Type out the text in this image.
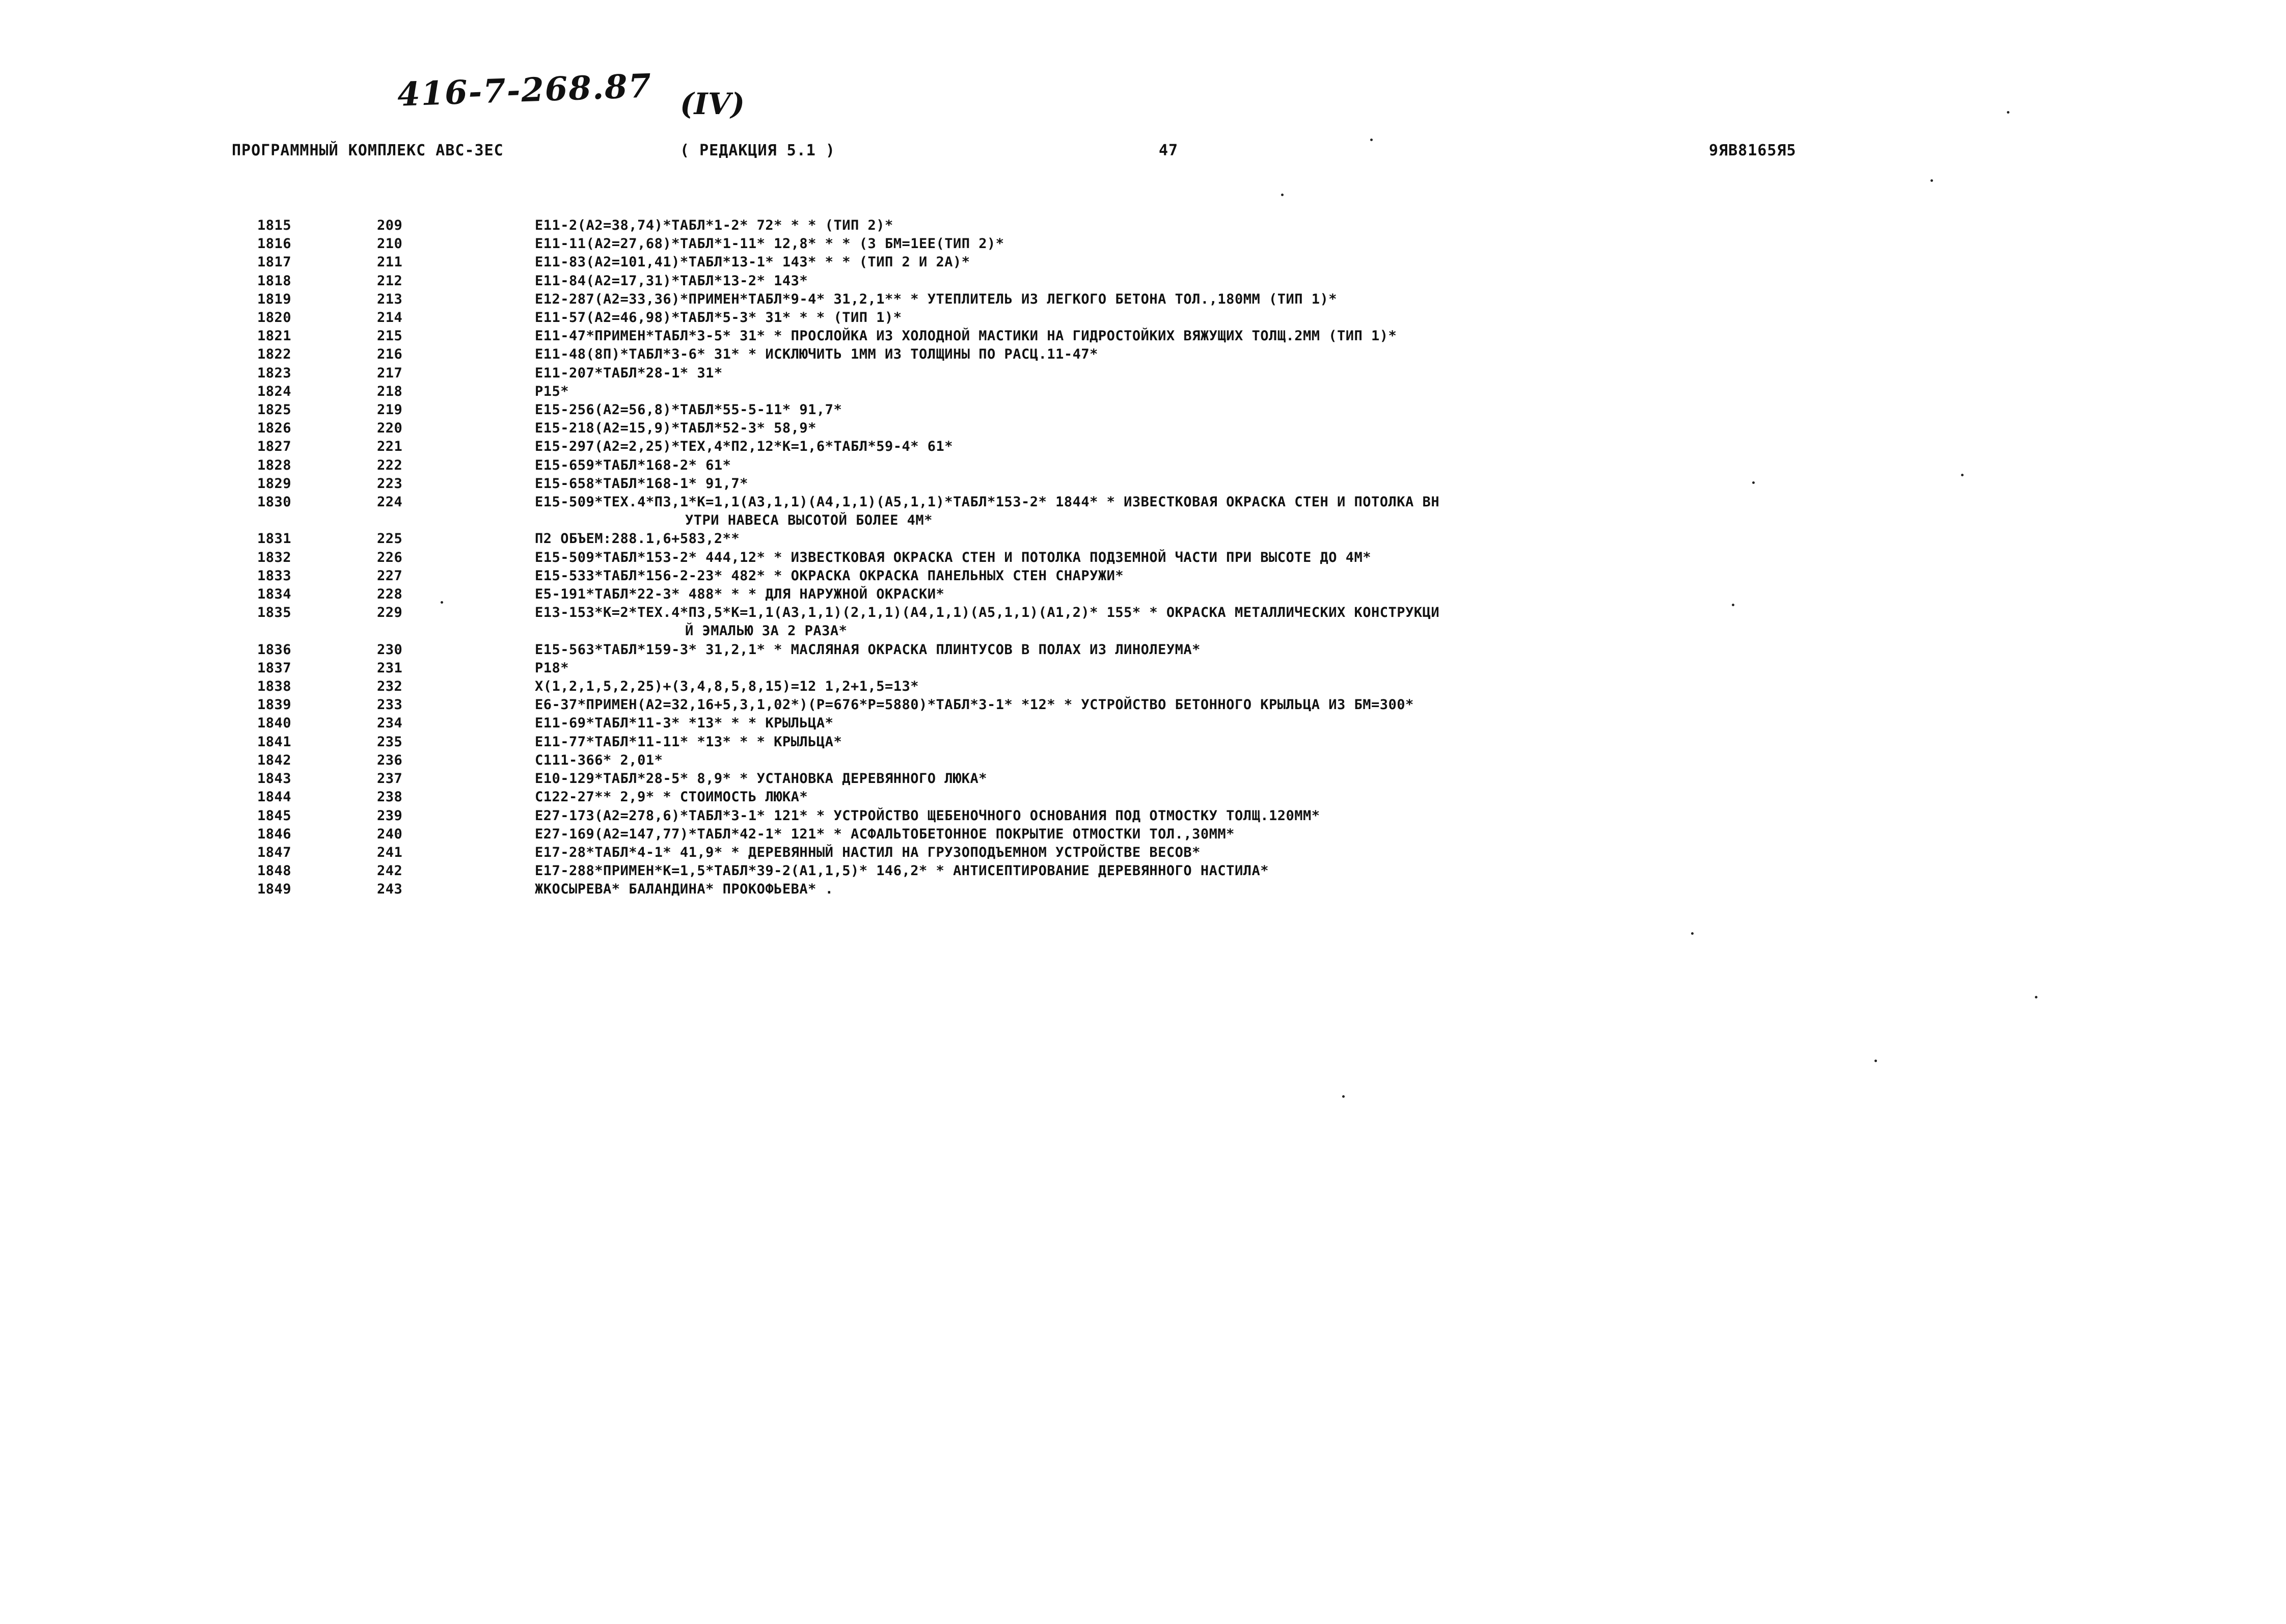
416-7-268.87 (IV)
ПРОГРАММНЫЙ КОМПЛЕКС АВС-3ЕС	( РЕДАКЦИЯ 5.1 )	47	9ЯВ8165Я5
1815	209	Е11-2(А2=38,74)*ТАБЛ*1-2* 72* * * (ТИП 2)*
1816	210	Е11-11(А2=27,68)*ТАБЛ*1-11* 12,8* * * (3 БМ=1ЕЕ(ТИП 2)*
1817	211	Е11-83(А2=101,41)*ТАБЛ*13-1* 143* * * (ТИП 2 И 2А)*
1818	212	Е11-84(А2=17,31)*ТАБЛ*13-2* 143*
1819	213	Е12-287(А2=33,36)*ПРИМЕН*ТАБЛ*9-4* 31,2,1** * УТЕПЛИТЕЛЬ ИЗ ЛЕГКОГО БЕТОНА ТОЛ.,180ММ (ТИП 1)*
1820	214	Е11-57(А2=46,98)*ТАБЛ*5-3* 31* * * (ТИП 1)*
1821	215	Е11-47*ПРИМЕН*ТАБЛ*3-5* 31* * ПРОСЛОЙКА ИЗ ХОЛОДНОЙ МАСТИКИ НА ГИДРОСТОЙКИХ ВЯЖУЩИХ ТОЛЩ.2ММ (ТИП 1)*
1822	216	Е11-48(8П)*ТАБЛ*3-6* 31* * ИСКЛЮЧИТЬ 1ММ ИЗ ТОЛЩИНЫ ПО РАСЦ.11-47*
1823	217	Е11-207*ТАБЛ*28-1* 31*
1824	218	Р15*
1825	219	Е15-256(А2=56,8)*ТАБЛ*55-5-11* 91,7*
1826	220	Е15-218(А2=15,9)*ТАБЛ*52-3* 58,9*
1827	221	Е15-297(А2=2,25)*ТЕХ,4*П2,12*К=1,6*ТАБЛ*59-4* 61*
1828	222	Е15-659*ТАБЛ*168-2* 61*
1829	223	Е15-658*ТАБЛ*168-1* 91,7*
1830	224	Е15-509*ТЕХ.4*П3,1*К=1,1(А3,1,1)(А4,1,1)(А5,1,1)*ТАБЛ*153-2* 1844* * ИЗВЕСТКОВАЯ ОКРАСКА СТЕН И ПОТОЛКА ВН
УТРИ НАВЕСА ВЫСОТОЙ БОЛЕЕ 4М*
1831	225	П2 ОБЪЕМ:288.1,6+583,2**
1832	226	Е15-509*ТАБЛ*153-2* 444,12* * ИЗВЕСТКОВАЯ ОКРАСКА СТЕН И ПОТОЛКА ПОДЗЕМНОЙ ЧАСТИ ПРИ ВЫСОТЕ ДО 4М*
1833	227	Е15-533*ТАБЛ*156-2-23* 482* * ОКРАСКА ОКРАСКА ПАНЕЛЬНЫХ СТЕН СНАРУЖИ*
1834	228	Е5-191*ТАБЛ*22-3* 488* * * ДЛЯ НАРУЖНОЙ ОКРАСКИ*
1835	229	Е13-153*К=2*ТЕХ.4*П3,5*К=1,1(А3,1,1)(2,1,1)(А4,1,1)(А5,1,1)(А1,2)* 155* * ОКРАСКА МЕТАЛЛИЧЕСКИХ КОНСТРУКЦИ
Й ЭМАЛЬЮ ЗА 2 РАЗА*
1836	230	Е15-563*ТАБЛ*159-3* 31,2,1* * МАСЛЯНАЯ ОКРАСКА ПЛИНТУСОВ В ПОЛАХ ИЗ ЛИНОЛЕУМА*
1837	231	Р18*
1838	232	Х(1,2,1,5,2,25)+(3,4,8,5,8,15)=12 1,2+1,5=13*
1839	233	Е6-37*ПРИМЕН(А2=32,16+5,3,1,02*)(Р=676*Р=5880)*ТАБЛ*3-1* *12* * УСТРОЙСТВО БЕТОННОГО КРЫЛЬЦА ИЗ БМ=300*
1840	234	Е11-69*ТАБЛ*11-3* *13* * * КРЫЛЬЦА*
1841	235	Е11-77*ТАБЛ*11-11* *13* * * КРЫЛЬЦА*
1842	236	С111-366* 2,01*
1843	237	Е10-129*ТАБЛ*28-5* 8,9* * УСТАНОВКА ДЕРЕВЯННОГО ЛЮКА*
1844	238	С122-27** 2,9* * СТОИМОСТЬ ЛЮКА*
1845	239	Е27-173(А2=278,6)*ТАБЛ*3-1* 121* * УСТРОЙСТВО ЩЕБЕНОЧНОГО ОСНОВАНИЯ ПОД ОТМОСТКУ ТОЛЩ.120ММ*
1846	240	Е27-169(А2=147,77)*ТАБЛ*42-1* 121* * АСФАЛЬТОБЕТОННОЕ ПОКРЫТИЕ ОТМОСТКИ ТОЛ.,30ММ*
1847	241	Е17-28*ТАБЛ*4-1* 41,9* * ДЕРЕВЯННЫЙ НАСТИЛ НА ГРУЗОПОДЪЕМНОМ УСТРОЙСТВЕ ВЕСОВ*
1848	242	Е17-288*ПРИМЕН*К=1,5*ТАБЛ*39-2(А1,1,5)* 146,2* * АНТИСЕПТИРОВАНИЕ ДЕРЕВЯННОГО НАСТИЛА*
1849	243	ЖКОСЫРЕВА* БАЛАНДИНА* ПРОКОФЬЕВА* .
